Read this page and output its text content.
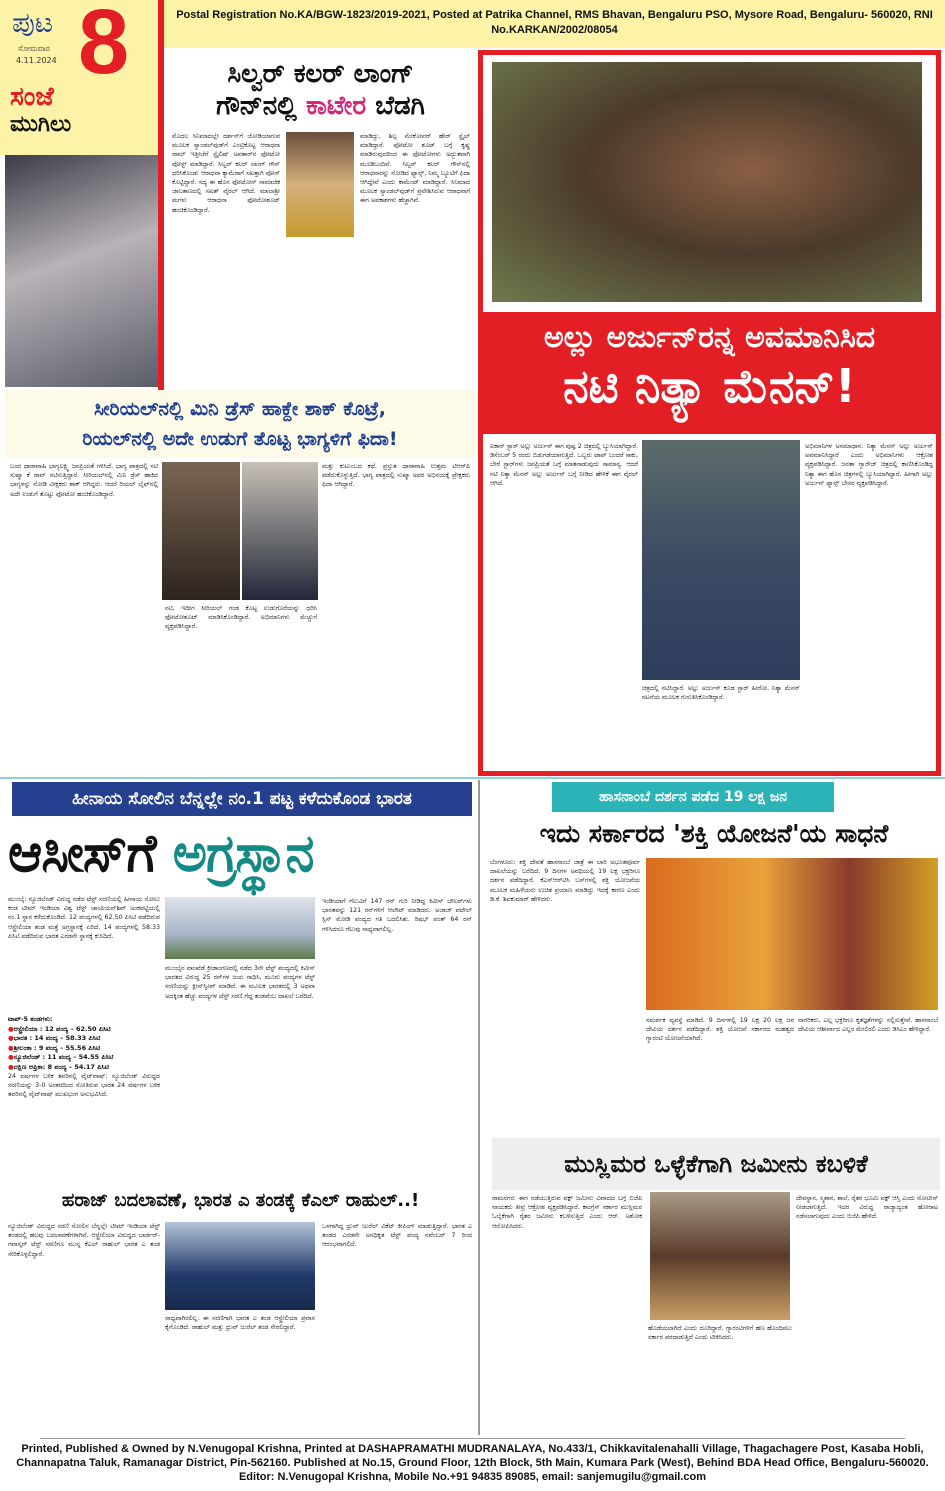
ಪುಟ 8
ಸೋಮವಾರ
4.11.2024
ಸಂಜೆ
ಮುಗಿಲು
Postal Registration No.KA/BGW-1823/2019-2021, Posted at Patrika Channel, RMS Bhavan, Bengaluru PSO, Mysore Road, Bengaluru- 560020, RNI No.KARKAN/2002/08054
ಸಿಲ್ವರ್ ಕಲರ್ ಲಾಂಗ್
ಗೌನ್‌ನಲ್ಲಿ ಕಾಟೇರ ಬೆಡಗಿ
ಮೊದಲ ಸಿನಿಮಾದಲ್ಲೇ ದರ್ಶನ್‌ಗೆ ಜೋಡಿಯಾಗುವ ಮೂಲಕ ಸ್ಯಾಂಡಲ್‌ವುಡ್‌ಗೆ ಎಂಟ್ರಿಕೊಟ್ಟ ಆರಾಧನಾ ರಾಮ್ ಇತ್ತೀಚೆಗೆ ಸ್ಟೈಲಿಷ್ ಅವತಾರ್‌ನ ಫೋಟೋ ಪೋಸ್ಟ್ ಮಾಡಿದ್ದಾರೆ. ಸಿಲ್ವರ್ ಕಲರ್ ಲಾಂಗ್ ಗೌನ್ ಧರಿಸಿಕೊಂಡು ಆರಾಧನಾ ಕ್ಯಾಮೆರಾಗೆ ಸಖತ್ತಾಗಿ ಪೋಸ್ ಕೊಟ್ಟಿದ್ದಾರೆ. ಸದ್ಯ ಈ ಹೊಸ ಫೋಟೋಸ್ ಸಾಮಾಜಿಕ ಜಾಲತಾಣದಲ್ಲಿ ಸಖತ್ ವೈರಲ್ ಆಗಿದೆ. ಮಾಲಾಶ್ರೀ ಮಗಳು ಆರಾಧನಾ ಫೋಟೋಶೂಟ್ ಹಂಚಿಕೊಂಡಿದ್ದಾರೆ.
ಮಾಡಿದ್ದು, ಶಿಲ್ಪ ಮೇಕೋವರ್ ಹೇರ್ ಸ್ಟೈಲ್ ಮಾಡಿದ್ದಾರೆ. ಫೋಟೋ ಶೂಟ್ ಬಗ್ಗೆ ಕೃಷ್ಣ ಮಾಡಿರುವುದರಿಂದ ಈ ಫೋಟೋಗಳು ಅದ್ಭುತವಾಗಿ ಮೂಡಿಬಂದಿವೆ. ಸಿಲ್ವರ್ ಕಲರ್ ಗೌನ್‌ನಲ್ಲಿ ಆರಾಧನಾರನ್ನು ನೋಡಿದ ಫ್ಯಾನ್ಸ್, ನಿಮ್ಮ ಬ್ಯೂಟಿಗೆ ಫಿದಾ ಆಗಿದ್ದೇವೆ ಎಂದು ಕಾಮೆಂಟ್ ಮಾಡಿದ್ದಾರೆ. ಸಿನಿಮಾದ ಮೂಲಕ ಸ್ಯಾಂಡಲ್‌ವುಡ್‌ಗೆ ಪ್ರವೇಶಿಸಿರುವ ಆರಾಧನಾಗೆ ಈಗ ಅವಕಾಶಗಳು ಹೆಚ್ಚಾಗಿವೆ.
ಅಲ್ಲು ಅರ್ಜುನ್‌ರನ್ನ ಅವಮಾನಿಸಿದ
ನಟಿ ನಿತ್ಯಾ ಮೆನನ್!
ಐಕಾನ್ ಸ್ಟಾರ್ ಅಲ್ಲು ಅರ್ಜುನ್ ಈಗ ಪುಷ್ಪ 2 ಚಿತ್ರದಲ್ಲಿ ಬ್ಯುಸಿಯಾಗಿದ್ದಾರೆ. ಡಿಸೆಂಬರ್ 5 ರಂದು ಬಿಡುಗಡೆಯಾಗುತ್ತಿದೆ. ಒಬ್ಬರು ಟಾಪ್ ಬಂದರೆ ಸಾಕು, ಬೇರೆ ಸ್ಟಾರ್‌ಗಳು ಜನಪ್ರಿಯತೆ ಬಗ್ಗೆ ಮಾತನಾಡುವುದು ಸಾಮಾನ್ಯ. ಆದರೆ ನಟಿ ನಿತ್ಯಾ ಮೆನನ್ ಅಲ್ಲು ಅರ್ಜುನ್ ಬಗ್ಗೆ ನೀಡಿದ ಹೇಳಿಕೆ ಈಗ ವೈರಲ್ ಆಗಿದೆ.
ಚಿತ್ರದಲ್ಲಿ ನಟಿಸಿದ್ದಾರೆ. ಅಲ್ಲು ಅರ್ಜುನ್ ಕೂಡ ಸ್ಟಾರ್ ಹೀರೋ. ನಿತ್ಯಾ ಮೆನನ್ ನಟನೆಯ ಮೂಲಕ ಗುರುತಿಸಿಕೊಂಡಿದ್ದಾರೆ.
ಅಭಿಮಾನಿಗಳ ಅಸಮಾಧಾನ: ನಿತ್ಯಾ ಮೆನನ್ ಅಲ್ಲು ಅರ್ಜುನ್ ಅವಮಾನಿಸಿದ್ದಾರೆ ಎಂದು ಅಭಿಮಾನಿಗಳು ಆಕ್ರೋಶ ವ್ಯಕ್ತಪಡಿಸಿದ್ದಾರೆ. ಜನತಾ ಗ್ಯಾರೇಜ್ ಚಿತ್ರದಲ್ಲಿ ಕಾಣಿಸಿಕೊಂಡಿದ್ದ ನಿತ್ಯಾ ಈಗ ಹೊಸ ಚಿತ್ರಗಳಲ್ಲಿ ಬ್ಯುಸಿಯಾಗಿದ್ದಾರೆ. ಹೀಗಾಗಿ ಅಲ್ಲು ಅರ್ಜುನ್ ಫ್ಯಾನ್ಸ್ ಬೇಸರ ವ್ಯಕ್ತಪಡಿಸಿದ್ದಾರೆ.
ಸೀರಿಯಲ್‌ನಲ್ಲಿ ಮಿನಿ ಡ್ರೆಸ್ ಹಾಕ್ದೇ ಶಾಕ್ ಕೊಟ್ರೆ,
ರಿಯಲ್‌ನಲ್ಲಿ ಅದೇ ಉಡುಗೆ ತೊಟ್ಟ ಭಾಗ್ಯಳಿಗೆ ಫಿದಾ!
ಬಂದ ಧಾರಾವಾಹಿ ಭಾಗ್ಯಲಕ್ಷ್ಮಿ ಜನಪ್ರಿಯತೆ ಗಳಿಸಿದೆ. ಭಾಗ್ಯ ಪಾತ್ರದಲ್ಲಿ ನಟಿ ಸುಷ್ಮಾ ಕೆ ರಾವ್ ನಟಿಸುತ್ತಿದ್ದಾರೆ. ಸೀರಿಯಲ್‌ನಲ್ಲಿ ಮಿನಿ ಡ್ರೆಸ್ ಹಾಕಿದ ಭಾಗ್ಯಳನ್ನು ನೋಡಿ ವೀಕ್ಷಕರು ಶಾಕ್ ಆಗಿದ್ದರು. ಆದರೆ ರಿಯಲ್ ಲೈಫ್‌ನಲ್ಲಿ ಅದೇ ಉಡುಗೆ ತೊಟ್ಟು ಫೋಟೋ ಹಂಚಿಕೊಂಡಿದ್ದಾರೆ.
ನಟಿ, ಇದೀಗ ಸೀರಿಯಲ್ ಗಂಡ ಕೊಟ್ಟ ಉಡುಗೊರೆಯನ್ನು ಧರಿಸಿ ಫೋಟೋಶೂಟ್ ಮಾಡಿಸಿಕೊಂಡಿದ್ದಾರೆ. ಅಭಿಮಾನಿಗಳು ಮೆಚ್ಚುಗೆ ವ್ಯಕ್ತಪಡಿಸಿದ್ದಾರೆ.
ಮತ್ತು ಕುಟುಂಬದ ಕಥೆ. ಪ್ರಸ್ತುತ ಧಾರಾವಾಹಿ ಉತ್ತಮ ಟಿಆರ್‌ಪಿ ಪಡೆದುಕೊಳ್ಳುತ್ತಿದೆ. ಭಾಗ್ಯ ಪಾತ್ರದಲ್ಲಿ ಸುಷ್ಮಾ ಅವರ ಅಭಿನಯಕ್ಕೆ ಪ್ರೇಕ್ಷಕರು ಫಿದಾ ಆಗಿದ್ದಾರೆ.
ಹೀನಾಯ ಸೋಲಿನ ಬೆನ್ನಲ್ಲೇ ನಂ.1 ಪಟ್ಟ ಕಳೆದುಕೊಂಡ ಭಾರತ
ಆಸೀಸ್‌ಗೆ ಅಗ್ರಸ್ಥಾನ
ಮುಂಬೈ: ನ್ಯೂಜಿಲೆಂಡ್ ವಿರುದ್ಧ ನಡೆದ ಟೆಸ್ಟ್ ಸರಣಿಯಲ್ಲಿ ಹೀನಾಯ ಸೋಲು ಕಂಡ ಟೀಮ್ ಇಂಡಿಯಾ ವಿಶ್ವ ಟೆಸ್ಟ್ ಚಾಂಪಿಯನ್‌ಶಿಪ್ ಅಂಕಪಟ್ಟಿಯಲ್ಲಿ ನಂ.1 ಸ್ಥಾನ ಕಳೆದುಕೊಂಡಿದೆ. 12 ಪಂದ್ಯಗಳಲ್ಲಿ 62.50 ಪಿಸಿಟಿ ಪಡೆದಿರುವ ಆಸ್ಟ್ರೇಲಿಯಾ ತಂಡ ಮತ್ತೆ ಅಗ್ರಸ್ಥಾನಕ್ಕೆ ಏರಿದೆ. 14 ಪಂದ್ಯಗಳಲ್ಲಿ 58.33 ಪಿಸಿಟಿ ಪಡೆದಿರುವ ಭಾರತ ಎರಡನೇ ಸ್ಥಾನಕ್ಕೆ ಕುಸಿದಿದೆ.
ಟಾಪ್-5 ತಂಡಗಳು:
●ಆಸ್ಟ್ರೇಲಿಯಾ : 12 ಪಂದ್ಯ – 62.50 ಪಿಸಿಟಿ
●ಭಾರತ : 14 ಪಂದ್ಯ – 58.33 ಪಿಸಿಟಿ
●ಶ್ರೀಲಂಕಾ : 9 ಪಂದ್ಯ – 55.56 ಪಿಸಿಟಿ
●ನ್ಯೂಜಿಲೆಂಡ್ : 11 ಪಂದ್ಯ – 54.55 ಪಿಸಿಟಿ
●ದಕ್ಷಿಣ ಆಫ್ರಿಕಾ: 8 ಪಂದ್ಯ – 54.17 ಪಿಸಿಟಿ
24 ವರ್ಷಗಳ ಬಳಿಕ ತವರಿನಲ್ಲಿ ವೈಟ್‌ವಾಷ್: ನ್ಯೂಜಿಲೆಂಡ್ ವಿರುದ್ಧದ ಸರಣಿಯನ್ನು 3-0 ಅಂತರದಿಂದ ಸೋತಿರುವ ಭಾರತ 24 ವರ್ಷಗಳ ಬಳಿಕ ತವರಿನಲ್ಲಿ ವೈಟ್‌ವಾಷ್ ಮುಖಭಂಗ ಅನುಭವಿಸಿದೆ.
ಮುಂಬೈನ ವಾಂಖೆಡೆ ಕ್ರೀಡಾಂಗಣದಲ್ಲಿ ನಡೆದ 3ನೇ ಟೆಸ್ಟ್ ಪಂದ್ಯದಲ್ಲಿ ಕಿವೀಸ್ ಭಾರತದ ವಿರುದ್ಧ 25 ರನ್‌ಗಳ ಜಯ ಸಾಧಿಸಿ, ಮೂರು ಪಂದ್ಯಗಳ ಟೆಸ್ಟ್ ಸರಣಿಯನ್ನು ಕ್ಲೀನ್‌ಸ್ವೀಪ್ ಮಾಡಿದೆ. ಈ ಮೂಲಕ ಭಾರತದಲ್ಲಿ 3 ಅಥವಾ ಅದಕ್ಕಿಂತ ಹೆಚ್ಚು ಪಂದ್ಯಗಳ ಟೆಸ್ಟ್ ಸರಣಿ ಗೆದ್ದ ತಂಡವೆಂಬ ದಾಖಲೆ ಬರೆದಿದೆ.
ಇಂಡಿಯಾಗೆ ಗೆಲುವಿಗೆ 147 ರನ್ ಗುರಿ ನೀಡಿದ್ದ ಕಿವೀಸ್ ಬೌಲರ್‌ಗಳು ಭಾರತವನ್ನು 121 ರನ್‌ಗಳಿಗೆ ಆಲೌಟ್ ಮಾಡಿದರು. ಅಜಾಜ್ ಪಟೇಲ್ ಸ್ಪಿನ್ ಮೋಡಿ ಪಂದ್ಯದ ಗತಿ ಬದಲಿಸಿತು. ರಿಷಭ್ ಪಂತ್ 64 ರನ್ ಗಳಿಸಿದರೂ ಗೆಲುವು ಸಾಧ್ಯವಾಗಲಿಲ್ಲ.
ಹರಾಜ್ ಬದಲಾವಣೆ, ಭಾರತ ಎ ತಂಡಕ್ಕೆ ಕೆಎಲ್ ರಾಹುಲ್..!
ನ್ಯೂಜಿಲೆಂಡ್ ವಿರುದ್ಧದ ಸರಣಿ ಸೋಲಿನ ಬೆನ್ನಲ್ಲೇ ಟೀಮ್ ಇಂಡಿಯಾ ಟೆಸ್ಟ್ ತಂಡದಲ್ಲಿ ಹಲವು ಬದಲಾವಣೆಗಳಾಗಿವೆ. ಆಸ್ಟ್ರೇಲಿಯಾ ವಿರುದ್ಧದ ಬಾರ್ಡರ್-ಗವಾಸ್ಕರ್ ಟೆಸ್ಟ್ ಸರಣಿಗೂ ಮುನ್ನ ಕೆಎಲ್ ರಾಹುಲ್ ಭಾರತ ಎ ತಂಡ ಸೇರಿಕೊಳ್ಳಲಿದ್ದಾರೆ.
ಸಾಧ್ಯವಾಗಿರಲಿಲ್ಲ. ಈ ಸರಣಿಗಾಗಿ ಭಾರತ ಎ ತಂಡ ಆಸ್ಟ್ರೇಲಿಯಾ ಪ್ರವಾಸ ಕೈಗೊಂಡಿದೆ. ರಾಹುಲ್ ಮತ್ತು ಧ್ರುವ್ ಜುರೆಲ್ ತಂಡ ಸೇರಲಿದ್ದಾರೆ.
ಒಳಗಾಗಿದ್ದ ಧ್ರುವ್ ಜುರೆಲ್ ವಿಕೆಟ್ ಕೀಪಿಂಗ್ ಮಾಡುತ್ತಿದ್ದಾರೆ. ಭಾರತ ಎ ತಂಡದ ಎರಡನೇ ಅನಧಿಕೃತ ಟೆಸ್ಟ್ ಪಂದ್ಯ ನವೆಂಬರ್ 7 ರಿಂದ ಆರಂಭವಾಗಲಿದೆ.
ಹಾಸನಾಂಬೆ ದರ್ಶನ ಪಡೆದ 19 ಲಕ್ಷ ಜನ
ಇದು ಸರ್ಕಾರದ 'ಶಕ್ತಿ ಯೋಜನೆ'ಯ ಸಾಧನೆ
ಬೆಂಗಳೂರು: ಶಕ್ತಿ ದೇವತೆ ಹಾಸನಾಂಬೆ ಜಾತ್ರೆ ಈ ಬಾರಿ ಅಭೂತಪೂರ್ವ ದಾಖಲೆಯನ್ನು ಬರೆದಿದೆ. 9 ದಿನಗಳ ಅವಧಿಯಲ್ಲಿ 19 ಲಕ್ಷ ಭಕ್ತರಿಗೂ ದರ್ಶನ ಪಡೆದಿದ್ದಾರೆ. ಕೆಎಸ್ಆರ್‌ಟಿಸಿ ಬಸ್‌ಗಳಲ್ಲಿ ಶಕ್ತಿ ಯೋಜನೆಯ ಮೂಲಕ ಮಹಿಳೆಯರು ಉಚಿತ ಪ್ರಯಾಣ ಮಾಡಿದ್ದು ಇದಕ್ಕೆ ಕಾರಣ ಎಂದು ಡಿ.ಕೆ. ಶಿವಕುಮಾರ್ ಹೇಳಿದರು.
ಸಮರ್ಪಕ ವ್ಯವಸ್ಥೆ ಮಾಡಿದೆ. 9 ದಿನಗಳಲ್ಲಿ 19 ಲಕ್ಷ 20 ಲಕ್ಷ ಜನ ದೇವಿಯ ದರ್ಶನ ಪಡೆದಿದ್ದಾರೆ. ಶಕ್ತಿ ಯೋಜನೆ ಸರ್ಕಾರದ ಮಹತ್ವದ ಗ್ಯಾರಂಟಿ ಯೋಜನೆಯಾಗಿದೆ.
ನಾಗರಿಕರು, ಎಲ್ಲ ಭಕ್ತರಿಗೂ ಕೃತಜ್ಞತೆಗಳನ್ನು ಸಲ್ಲಿಸುತ್ತೇವೆ. ಹಾಸನಾಂಬೆ ದೇವಿಯ ಆಶೀರ್ವಾದ ಎಲ್ಲರ ಮೇಲಿರಲಿ ಎಂದು ಡಿಸಿಎಂ ಹೇಳಿದ್ದಾರೆ.
ಮುಸ್ಲಿಮರ ಒಳ್ಳೆಕೆಗಾಗಿ ಜಮೀನು ಕಬಳಿಕೆ
ರಾಮನಗರ: ಈಗ ನಡೆಯುತ್ತಿರುವ ವಕ್ಫ್ ಜಮೀನು ವಿವಾದದ ಬಗ್ಗೆ ಬಿಜೆಪಿ ನಾಯಕರು ತೀವ್ರ ಆಕ್ರೋಶ ವ್ಯಕ್ತಪಡಿಸಿದ್ದಾರೆ. ಕಾಂಗ್ರೆಸ್ ಸರ್ಕಾರ ಮುಸ್ಲಿಮರ ಓಲೈಕೆಗಾಗಿ ರೈತರ ಜಮೀನು ಕಬಳಿಸುತ್ತಿದೆ ಎಂದು ಆರ್. ಅಶೋಕ ಆರೋಪಿಸಿದರು.
ಹೊಡೆಯಲಾಗಿದೆ ಎಂದು ದೂರಿದ್ದಾರೆ. ಗ್ಯಾರಂಟಿಗಳಿಗೆ ಹಣ ಹೊಂದಿಸಲು ಸರ್ಕಾರ ಪರದಾಡುತ್ತಿದೆ ಎಂದು ಟೀಕಿಸಿದರು.
ದೇವಸ್ಥಾನ, ಸ್ಮಶಾನ, ಶಾಲೆ, ರೈತರ ಭೂಮಿ ವಕ್ಫ್ ಆಸ್ತಿ ಎಂದು ನೋಟೀಸ್ ನೀಡಲಾಗುತ್ತಿದೆ. ಇದರ ವಿರುದ್ಧ ರಾಜ್ಯಾದ್ಯಂತ ಹೋರಾಟ ನಡೆಸಲಾಗುವುದು ಎಂದು ಬಿಜೆಪಿ ಹೇಳಿದೆ.
Printed, Published & Owned by N.Venugopal Krishna, Printed at DASHAPRAMATHI MUDRANALAYA, No.433/1, Chikkavitalenahalli Village, Thagachagere Post, Kasaba Hobli, Channapatna Taluk, Ramanagar District, Pin-562160. Published at No.15, Ground Floor, 12th Block, 5th Main, Kumara Park (West), Behind BDA Head Office, Bengaluru-560020. Editor: N.Venugopal Krishna, Mobile No.+91 94835 89085, email: sanjemugilu@gmail.com
